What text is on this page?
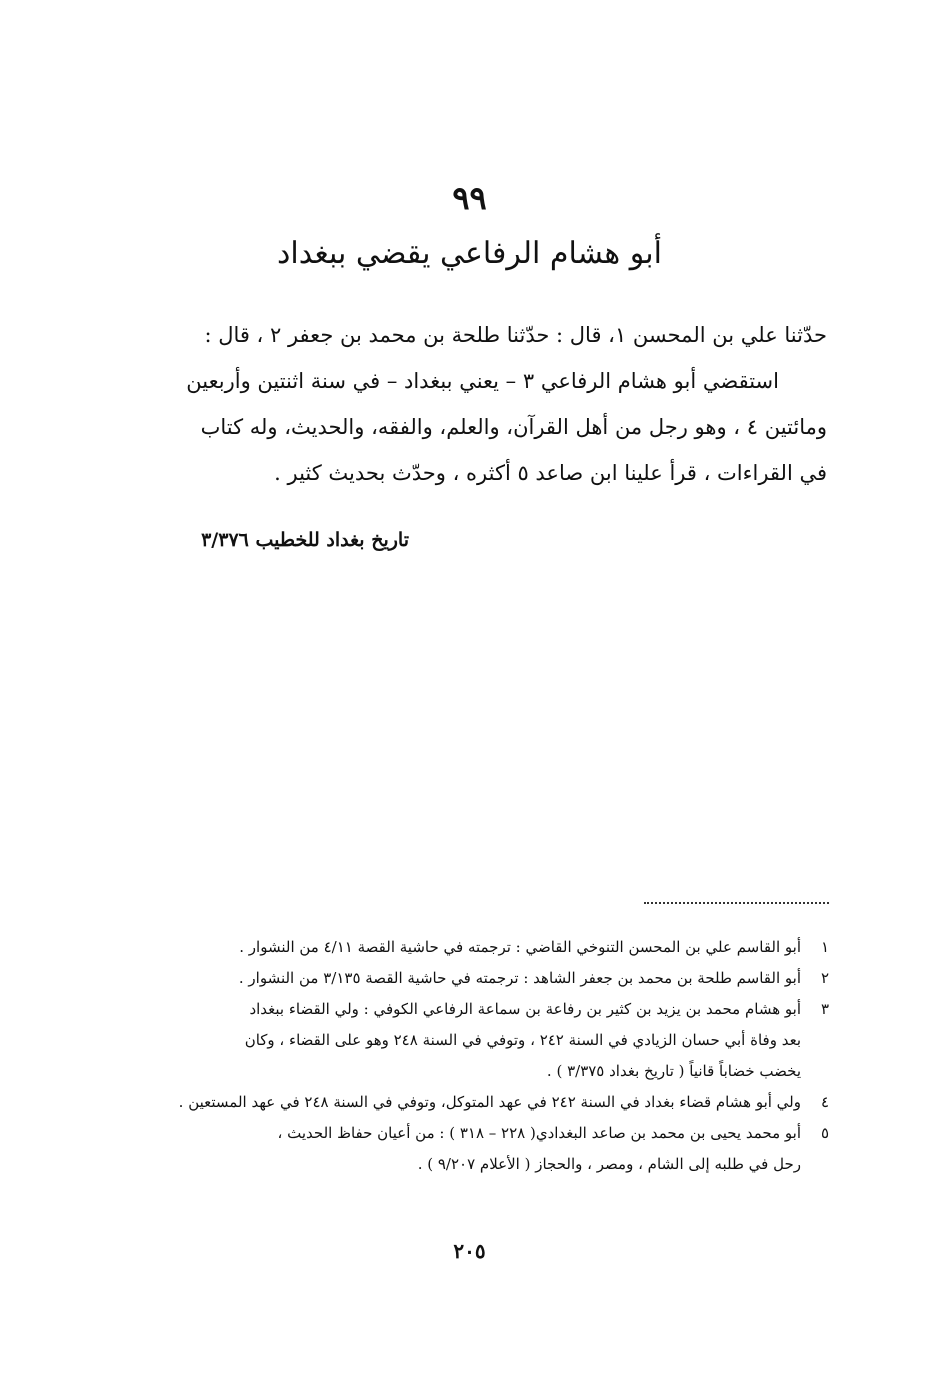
٩٩
أبو هشام الرفاعي يقضي ببغداد
حدّثنا علي بن المحسن ١، قال : حدّثنا طلحة بن محمد بن جعفر ٢ ، قال :
استقضي أبو هشام الرفاعي ٣ – يعني ببغداد – في سنة اثنتين وأربعين
ومائتين ٤ ، وهو رجل من أهل القرآن، والعلم، والفقه، والحديث، وله كتاب
في القراءات ، قرأ علينا ابن صاعد ٥ أكثره ، وحدّث بحديث كثير .
تاريخ بغداد للخطيب ٣/٣٧٦
١
أبو القاسم علي بن المحسن التنوخي القاضي : ترجمته في حاشية القصة ٤/١١ من النشوار .
٢
أبو القاسم طلحة بن محمد بن جعفر الشاهد : ترجمته في حاشية القصة ٣/١٣٥ من النشوار .
٣
أبو هشام محمد بن يزيد بن كثير بن رفاعة بن سماعة الرفاعي الكوفي : ولي القضاء ببغداد
بعد وفاة أبي حسان الزيادي في السنة ٢٤٢ ، وتوفي في السنة ٢٤٨ وهو على القضاء ، وكان
يخضب خضاباً قانياً ( تاريخ بغداد ٣/٣٧٥ ) .
٤
ولي أبو هشام قضاء بغداد في السنة ٢٤٢ في عهد المتوكل، وتوفي في السنة ٢٤٨ في عهد المستعين .
٥
أبو محمد يحيى بن محمد بن صاعد البغدادي( ٢٢٨ – ٣١٨ ) : من أعيان حفاظ الحديث ،
رحل في طلبه إلى الشام ، ومصر ، والحجاز ( الأعلام ٩/٢٠٧ ) .
٢٠٥
